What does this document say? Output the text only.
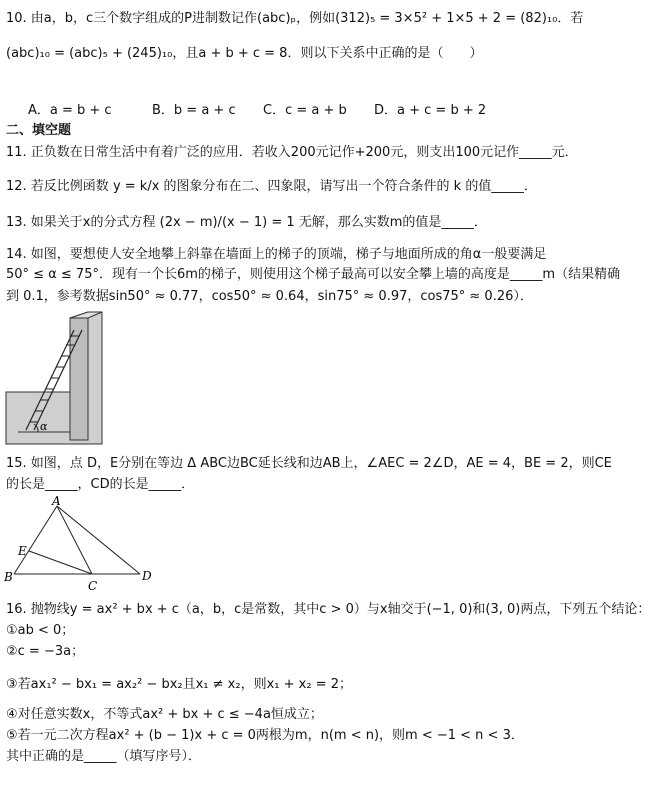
10. 由a，b，c三个数字组成的P进制数记作(abc)ₚ，例如(312)₅ = 3×5² + 1×5 + 2 = (82)₁₀．若
(abc)₁₀ = (abc)₅ + (245)₁₀，且a + b + c = 8．则以下关系中正确的是（　　）
A．a = b + c	B．b = a + c C．c = a + b D．a + c = b + 2
二、填空题
11. 正负数在日常生活中有着广泛的应用．若收入200元记作+200元，则支出100元记作_____元．
12. 若反比例函数 y = k/x 的图象分布在二、四象限，请写出一个符合条件的 k 的值_____．
13. 如果关于x的分式方程 (2x − m)/(x − 1) = 1 无解，那么实数m的值是_____．
14. 如图，要想使人安全地攀上斜靠在墙面上的梯子的顶端，梯子与地面所成的角α一般要满足
50° ≤ α ≤ 75°．现有一个长6m的梯子，则使用这个梯子最高可以安全攀上墙的高度是_____m（结果精确
到 0.1，参考数据sin50° ≈ 0.77，cos50° ≈ 0.64，sin75° ≈ 0.97，cos75° ≈ 0.26）．
α
15. 如图，点 D，E分别在等边 Δ ABC边BC延长线和边AB上，∠AEC = 2∠D，AE = 4，BE = 2，则CE
的长是_____，CD的长是_____．
A
E
B
C
D
16. 抛物线y = ax² + bx + c（a，b，c是常数，其中c > 0）与x轴交于(−1, 0)和(3, 0)两点，下列五个结论：
①ab < 0；
②c = −3a；
③若ax₁² − bx₁ = ax₂² − bx₂且x₁ ≠ x₂，则x₁ + x₂ = 2；
④对任意实数x，不等式ax² + bx + c ≤ −4a恒成立；
⑤若一元二次方程ax² + (b − 1)x + c = 0两根为m，n(m < n)，则m < −1 < n < 3．
其中正确的是_____（填写序号）．
